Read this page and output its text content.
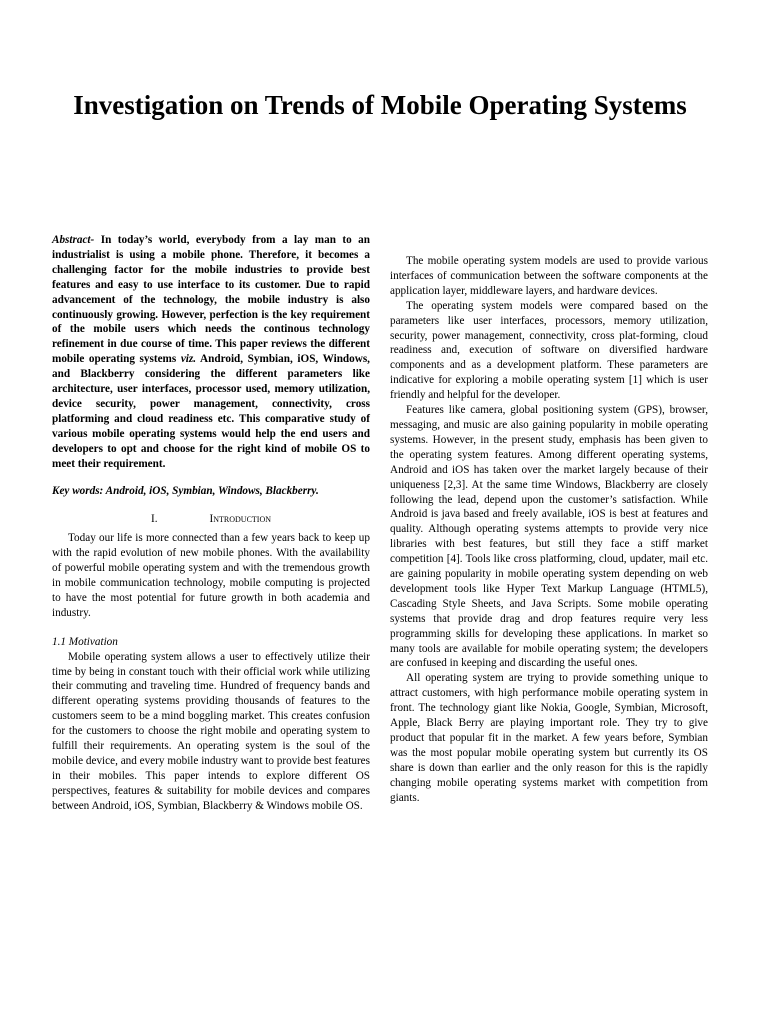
Investigation on Trends of Mobile Operating Systems

Abstract- In today’s world, everybody from a lay man to an industrialist is using a mobile phone. Therefore, it becomes a challenging factor for the mobile industries to provide best features and easy to use interface to its customer. Due to rapid advancement of the technology, the mobile industry is also continuously growing. However, perfection is the key requirement of the mobile users which needs the continous technology refinement in due course of time. This paper reviews the different mobile operating systems viz. Android, Symbian, iOS, Windows, and Blackberry considering the different parameters like architecture, user interfaces, processor used, memory utilization, device security, power management, connectivity, cross platforming and cloud readiness etc. This comparative study of various mobile operating systems would help the end users and developers to opt and choose for the right kind of mobile OS to meet their requirement.

Key words: Android, iOS, Symbian, Windows, Blackberry.

I.	Introduction

Today our life is more connected than a few years back to keep up with the rapid evolution of new mobile phones. With the availability of powerful mobile operating system and with the tremendous growth in mobile communication technology, mobile computing is projected to have the most potential for future growth in both academia and industry.

1.1 Motivation

Mobile operating system allows a user to effectively utilize their time by being in constant touch with their official work while utilizing their commuting and traveling time. Hundred of frequency bands and different operating systems providing thousands of features to the customers seem to be a mind boggling market. This creates confusion for the customers to choose the right mobile and operating system to fulfill their requirements. An operating system is the soul of the mobile device, and every mobile industry want to provide best features in their mobiles. This paper intends to explore different OS perspectives, features & suitability for mobile devices and compares between Android, iOS, Symbian, Blackberry & Windows mobile OS.

The mobile operating system models are used to provide various interfaces of communication between the software components at the application layer, middleware layers, and hardware devices.

The operating system models were compared based on the parameters like user interfaces, processors, memory utilization, security, power management, connectivity, cross plat-forming, cloud readiness and, execution of software on diversified hardware components and as a development platform. These parameters are indicative for exploring a mobile operating system [1] which is user friendly and helpful for the developer.

Features like camera, global positioning system (GPS), browser, messaging, and music are also gaining popularity in mobile operating systems. However, in the present study, emphasis has been given to the operating system features. Among different operating systems, Android and iOS has taken over the market largely because of their uniqueness [2,3]. At the same time Windows, Blackberry are closely following the lead, depend upon the customer’s satisfaction. While Android is java based and freely available, iOS is best at features and quality. Although operating systems attempts to provide very nice libraries with best features, but still they face a stiff market competition [4]. Tools like cross platforming, cloud, updater, mail etc. are gaining popularity in mobile operating system depending on web development tools like Hyper Text Markup Language (HTML5), Cascading Style Sheets, and Java Scripts. Some mobile operating systems that provide drag and drop features require very less programming skills for developing these applications. In market so many tools are available for mobile operating system; the developers are confused in keeping and discarding the useful ones.

All operating system are trying to provide something unique to attract customers, with high performance mobile operating system in front. The technology giant like Nokia, Google, Symbian, Microsoft, Apple, Black Berry are playing important role. They try to give product that popular fit in the market. A few years before, Symbian was the most popular mobile operating system but currently its OS share is down than earlier and the only reason for this is the rapidly changing mobile operating systems market with competition from giants.
